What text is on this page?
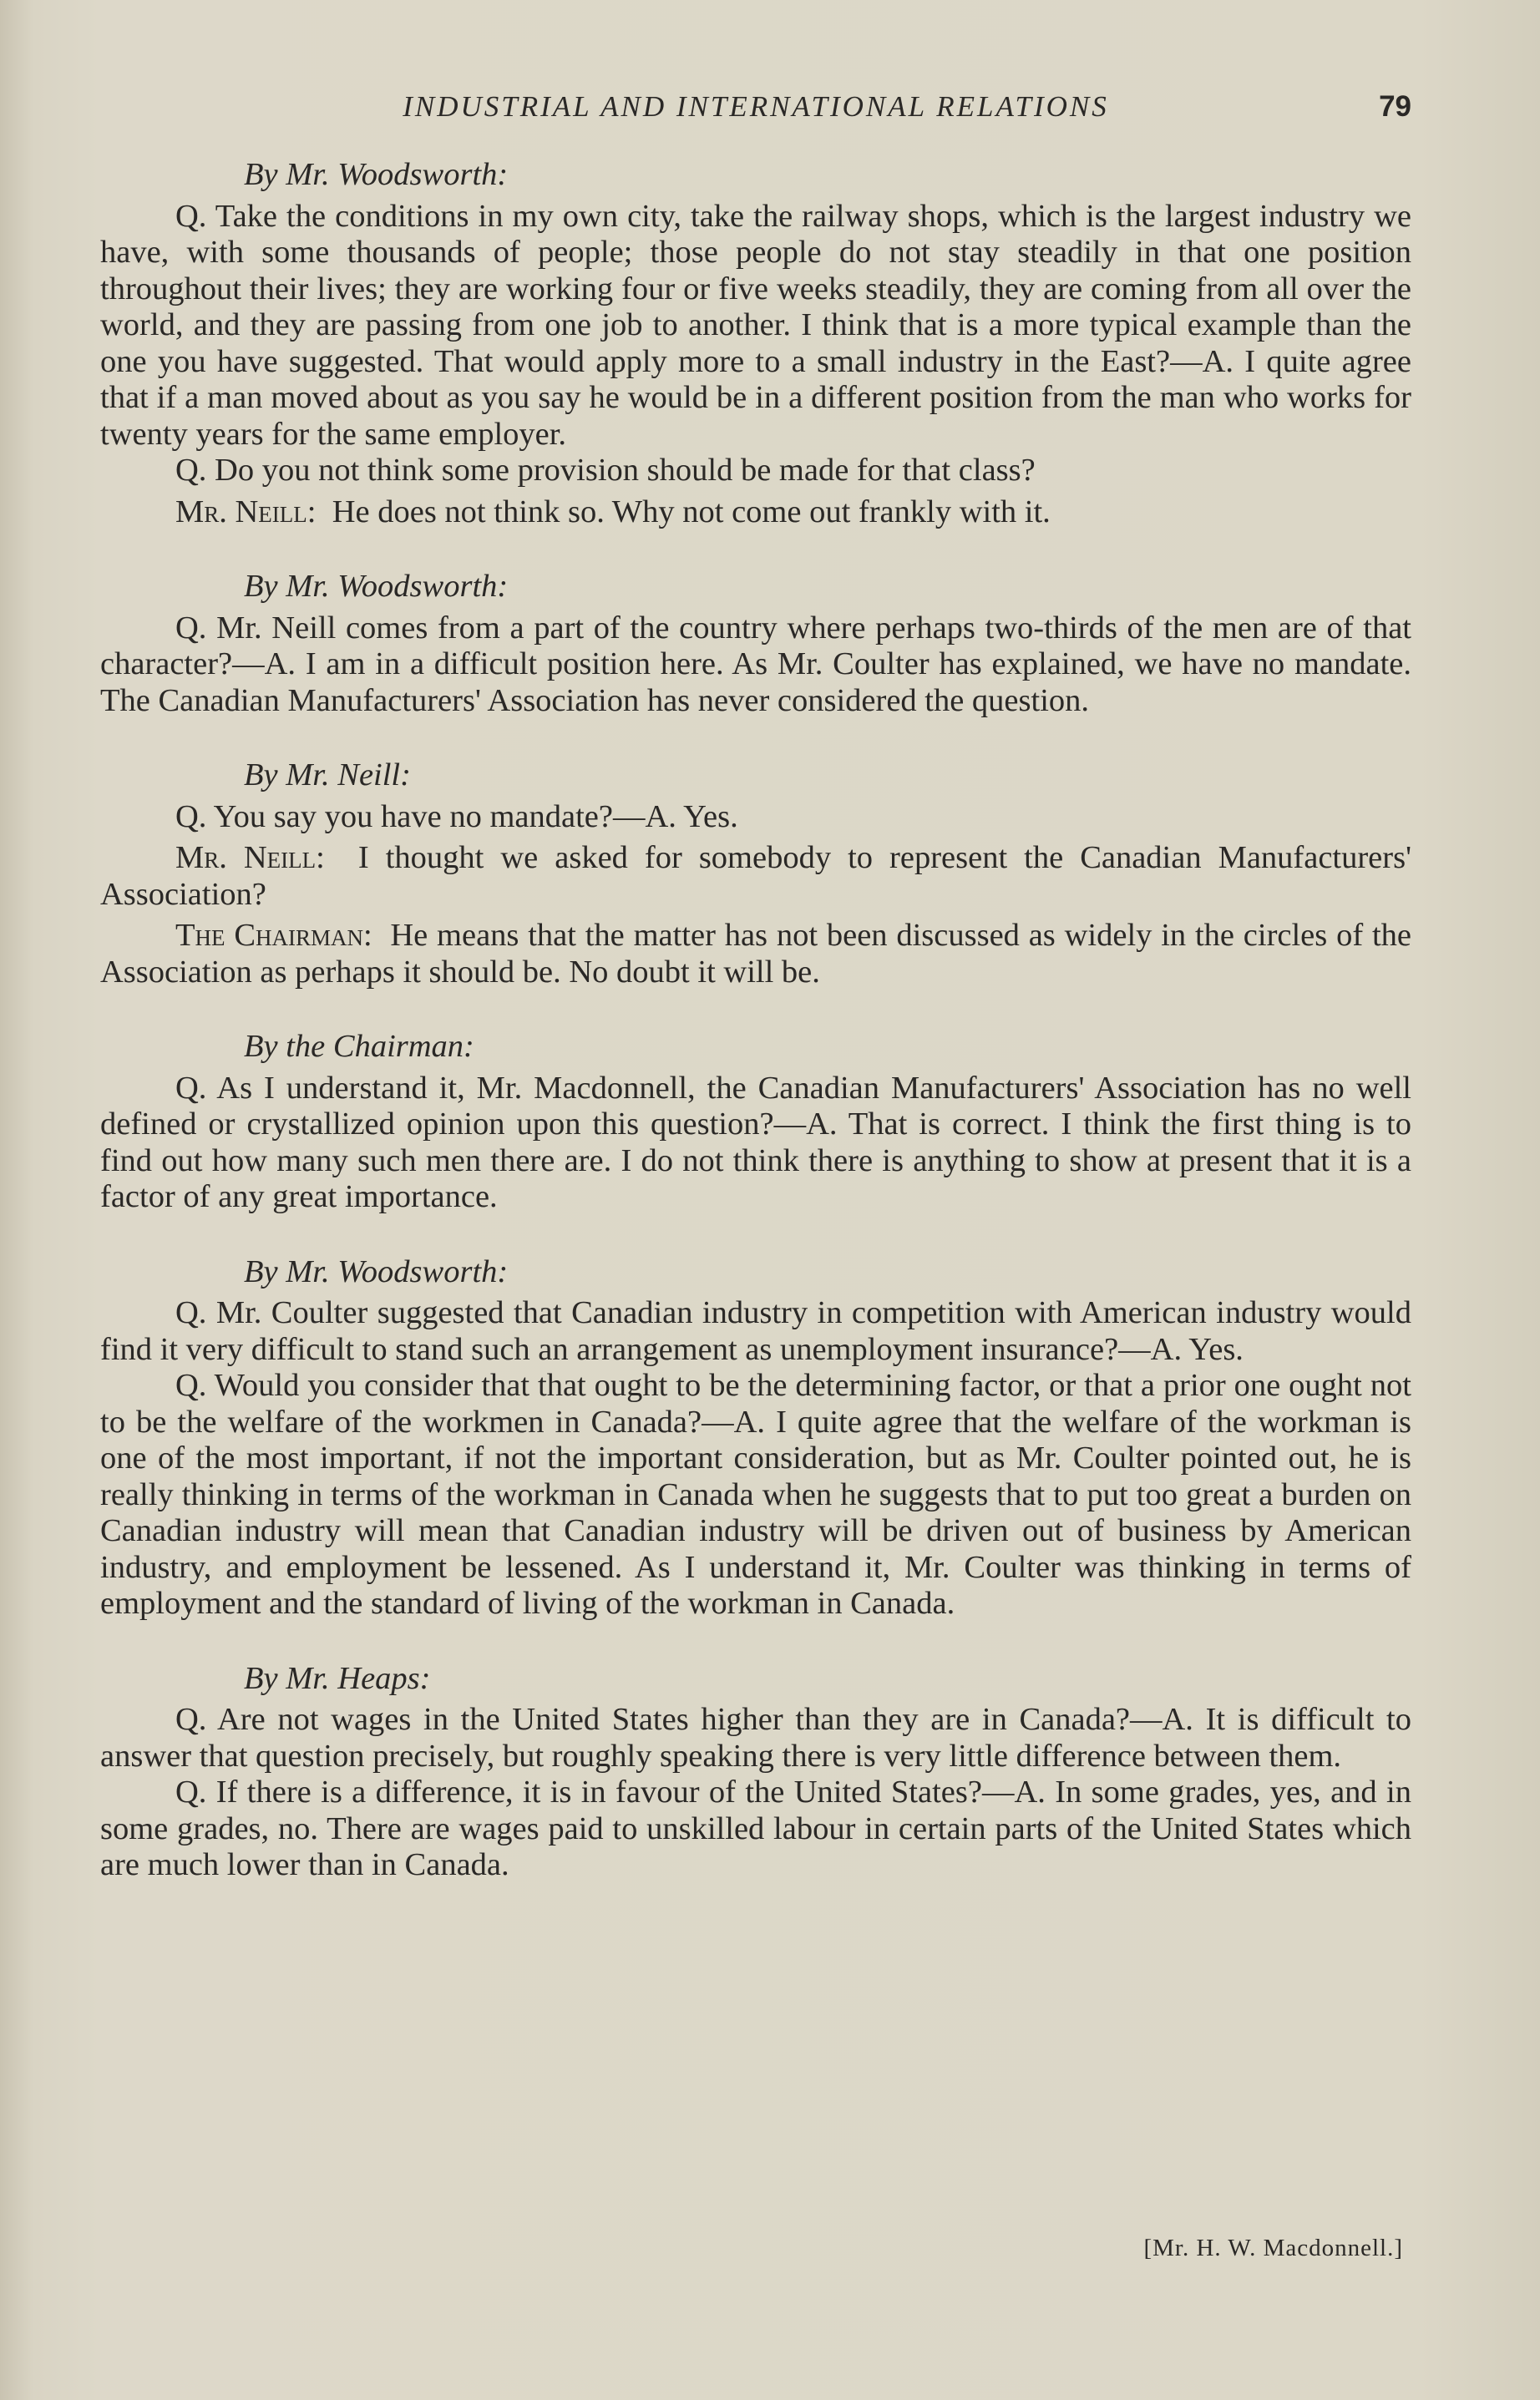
INDUSTRIAL AND INTERNATIONAL RELATIONS	79
By Mr. Woodsworth:

Q. Take the conditions in my own city, take the railway shops, which is the largest industry we have, with some thousands of people; those people do not stay steadily in that one position throughout their lives; they are working four or five weeks steadily, they are coming from all over the world, and they are passing from one job to another. I think that is a more typical example than the one you have suggested. That would apply more to a small industry in the East?—A. I quite agree that if a man moved about as you say he would be in a different position from the man who works for twenty years for the same employer.

Q. Do you not think some provision should be made for that class?

Mr. Neill:  He does not think so. Why not come out frankly with it.

By Mr. Woodsworth:

Q. Mr. Neill comes from a part of the country where perhaps two-thirds of the men are of that character?—A. I am in a difficult position here. As Mr. Coulter has explained, we have no mandate. The Canadian Manufacturers' Association has never considered the question.

By Mr. Neill:

Q. You say you have no mandate?—A. Yes.

Mr. Neill:  I thought we asked for somebody to represent the Canadian Manufacturers' Association?

The Chairman:  He means that the matter has not been discussed as widely in the circles of the Association as perhaps it should be. No doubt it will be.

By the Chairman:

Q. As I understand it, Mr. Macdonnell, the Canadian Manufacturers' Association has no well defined or crystallized opinion upon this question?—A. That is correct. I think the first thing is to find out how many such men there are. I do not think there is anything to show at present that it is a factor of any great importance.

By Mr. Woodsworth:

Q. Mr. Coulter suggested that Canadian industry in competition with American industry would find it very difficult to stand such an arrangement as unemployment insurance?—A. Yes.

Q. Would you consider that that ought to be the determining factor, or that a prior one ought not to be the welfare of the workmen in Canada?—A. I quite agree that the welfare of the workman is one of the most important, if not the important consideration, but as Mr. Coulter pointed out, he is really thinking in terms of the workman in Canada when he suggests that to put too great a burden on Canadian industry will mean that Canadian industry will be driven out of business by American industry, and employment be lessened. As I understand it, Mr. Coulter was thinking in terms of employment and the standard of living of the workman in Canada.

By Mr. Heaps:

Q. Are not wages in the United States higher than they are in Canada?—A. It is difficult to answer that question precisely, but roughly speaking there is very little difference between them.

Q. If there is a difference, it is in favour of the United States?—A. In some grades, yes, and in some grades, no. There are wages paid to unskilled labour in certain parts of the United States which are much lower than in Canada.

[Mr. H. W. Macdonnell.]
